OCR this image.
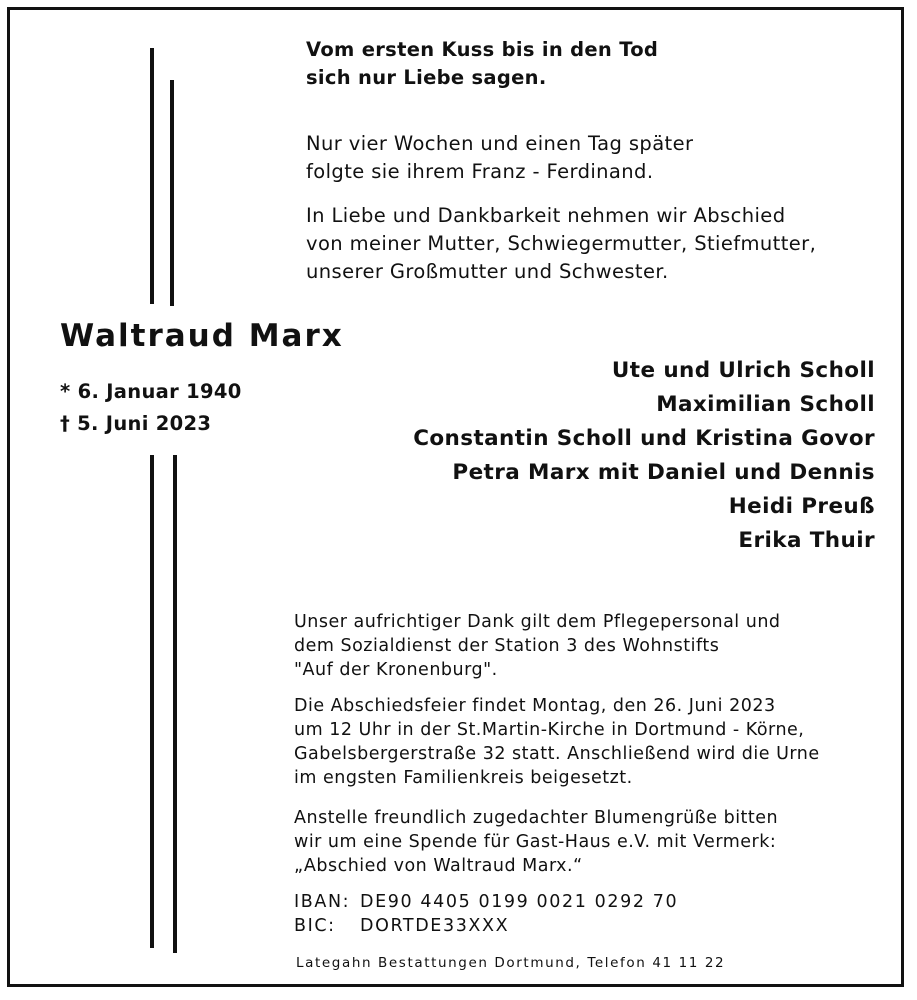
Vom ersten Kuss bis in den Tod
sich nur Liebe sagen.
Nur vier Wochen und einen Tag später
folgte sie ihrem Franz - Ferdinand.
In Liebe und Dankbarkeit nehmen wir Abschied
von meiner Mutter, Schwiegermutter, Stiefmutter,
unserer Großmutter und Schwester.
Waltraud Marx
* 6. Januar 1940
† 5. Juni 2023
Ute und Ulrich Scholl
Maximilian Scholl
Constantin Scholl und Kristina Govor
Petra Marx mit Daniel und Dennis
Heidi Preuß
Erika Thuir
Unser aufrichtiger Dank gilt dem Pflegepersonal und
dem Sozialdienst der Station 3 des Wohnstifts
"Auf der Kronenburg".
Die Abschiedsfeier findet Montag, den 26. Juni 2023
um 12 Uhr in der St.Martin-Kirche in Dortmund - Körne,
Gabelsbergerstraße 32 statt. Anschließend wird die Urne
im engsten Familienkreis beigesetzt.
Anstelle freundlich zugedachter Blumengrüße bitten
wir um eine Spende für Gast-Haus e.V. mit Vermerk:
„Abschied von Waltraud Marx.“
IBAN: DE90 4405 0199 0021 0292 70
BIC: DORTDE33XXX
Lategahn Bestattungen Dortmund, Telefon 41 11 22
